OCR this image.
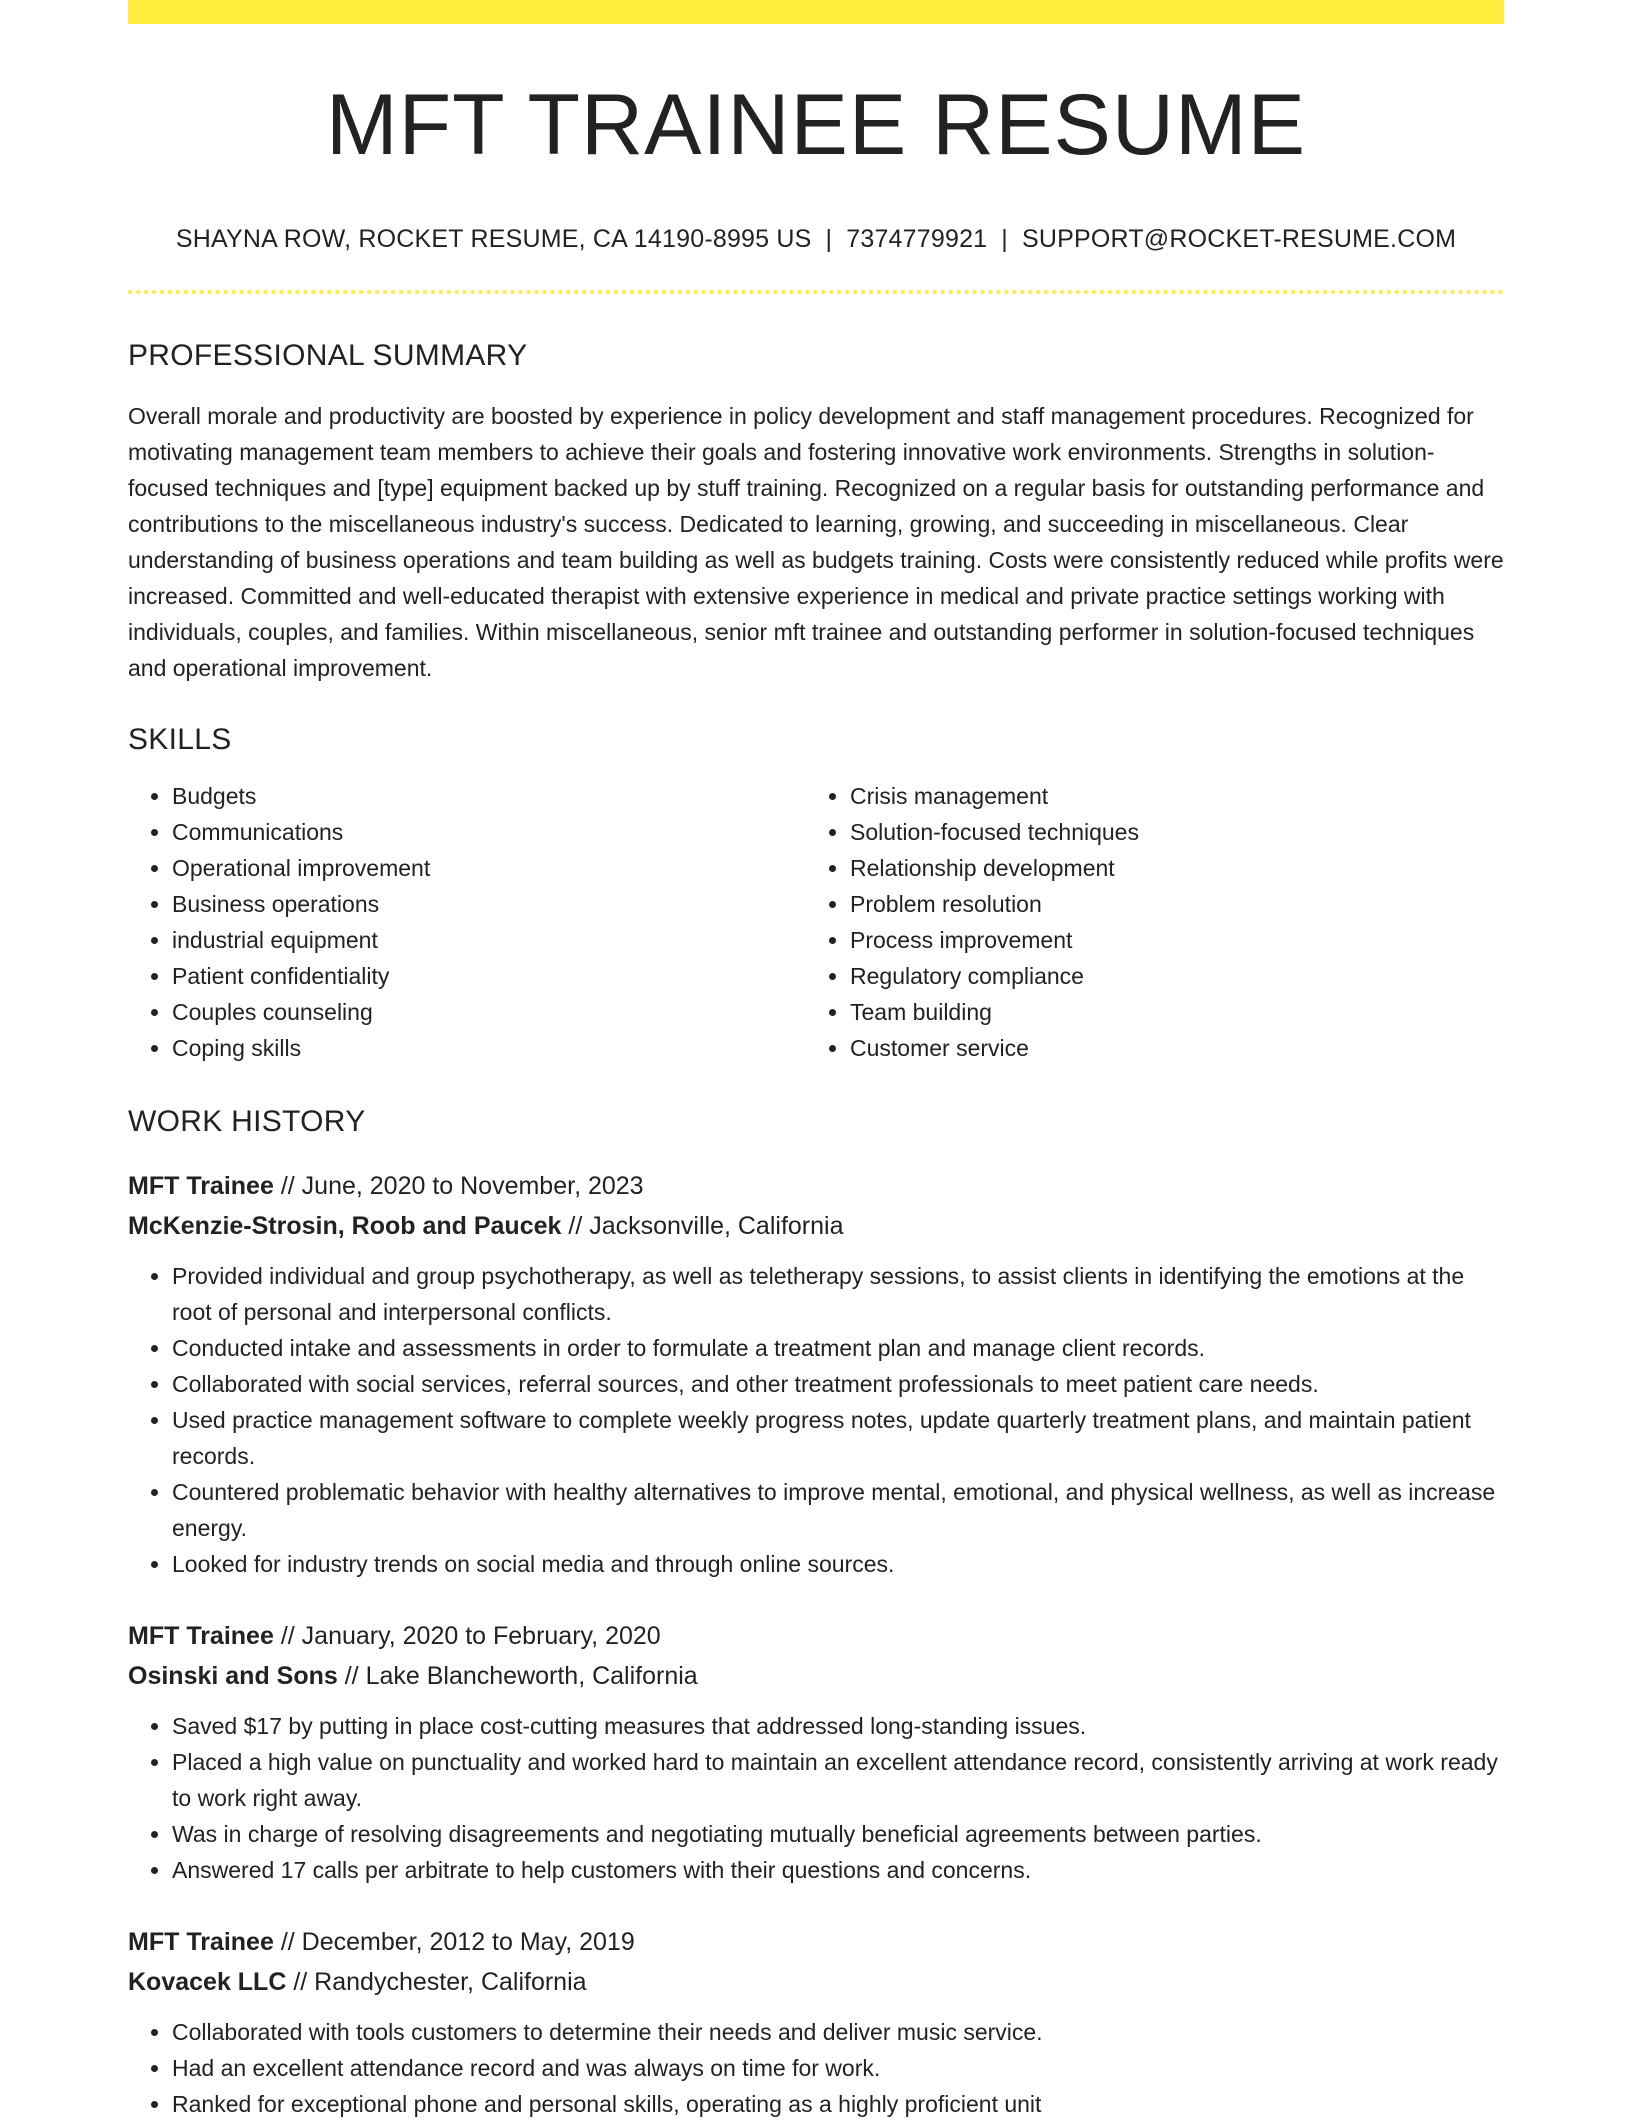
MFT TRAINEE RESUME
SHAYNA ROW, ROCKET RESUME, CA 14190-8995 US | 7374779921 | SUPPORT@ROCKET-RESUME.COM
PROFESSIONAL SUMMARY

Overall morale and productivity are boosted by experience in policy development and staff management procedures. Recognized for motivating management team members to achieve their goals and fostering innovative work environments. Strengths in solution-focused techniques and [type] equipment backed up by stuff training. Recognized on a regular basis for outstanding performance and contributions to the miscellaneous industry's success. Dedicated to learning, growing, and succeeding in miscellaneous. Clear understanding of business operations and team building as well as budgets training. Costs were consistently reduced while profits were increased. Committed and well-educated therapist with extensive experience in medical and private practice settings working with individuals, couples, and families. Within miscellaneous, senior mft trainee and outstanding performer in solution-focused techniques and operational improvement.

SKILLS
• Budgets
• Communications
• Operational improvement
• Business operations
• industrial equipment
• Patient confidentiality
• Couples counseling
• Coping skills
• Crisis management
• Solution-focused techniques
• Relationship development
• Problem resolution
• Process improvement
• Regulatory compliance
• Team building
• Customer service
WORK HISTORY
MFT Trainee // June, 2020 to November, 2023
McKenzie-Strosin, Roob and Paucek // Jacksonville, California
• Provided individual and group psychotherapy, as well as teletherapy sessions, to assist clients in identifying the emotions at the root of personal and interpersonal conflicts.
• Conducted intake and assessments in order to formulate a treatment plan and manage client records.
• Collaborated with social services, referral sources, and other treatment professionals to meet patient care needs.
• Used practice management software to complete weekly progress notes, update quarterly treatment plans, and maintain patient records.
• Countered problematic behavior with healthy alternatives to improve mental, emotional, and physical wellness, as well as increase energy.
• Looked for industry trends on social media and through online sources.
MFT Trainee // January, 2020 to February, 2020
Osinski and Sons // Lake Blancheworth, California
• Saved $17 by putting in place cost-cutting measures that addressed long-standing issues.
• Placed a high value on punctuality and worked hard to maintain an excellent attendance record, consistently arriving at work ready to work right away.
• Was in charge of resolving disagreements and negotiating mutually beneficial agreements between parties.
• Answered 17 calls per arbitrate to help customers with their questions and concerns.
MFT Trainee // December, 2012 to May, 2019
Kovacek LLC // Randychester, California
• Collaborated with tools customers to determine their needs and deliver music service.
• Had an excellent attendance record and was always on time for work.
• Ranked for exceptional phone and personal skills, operating as a highly proficient unit
